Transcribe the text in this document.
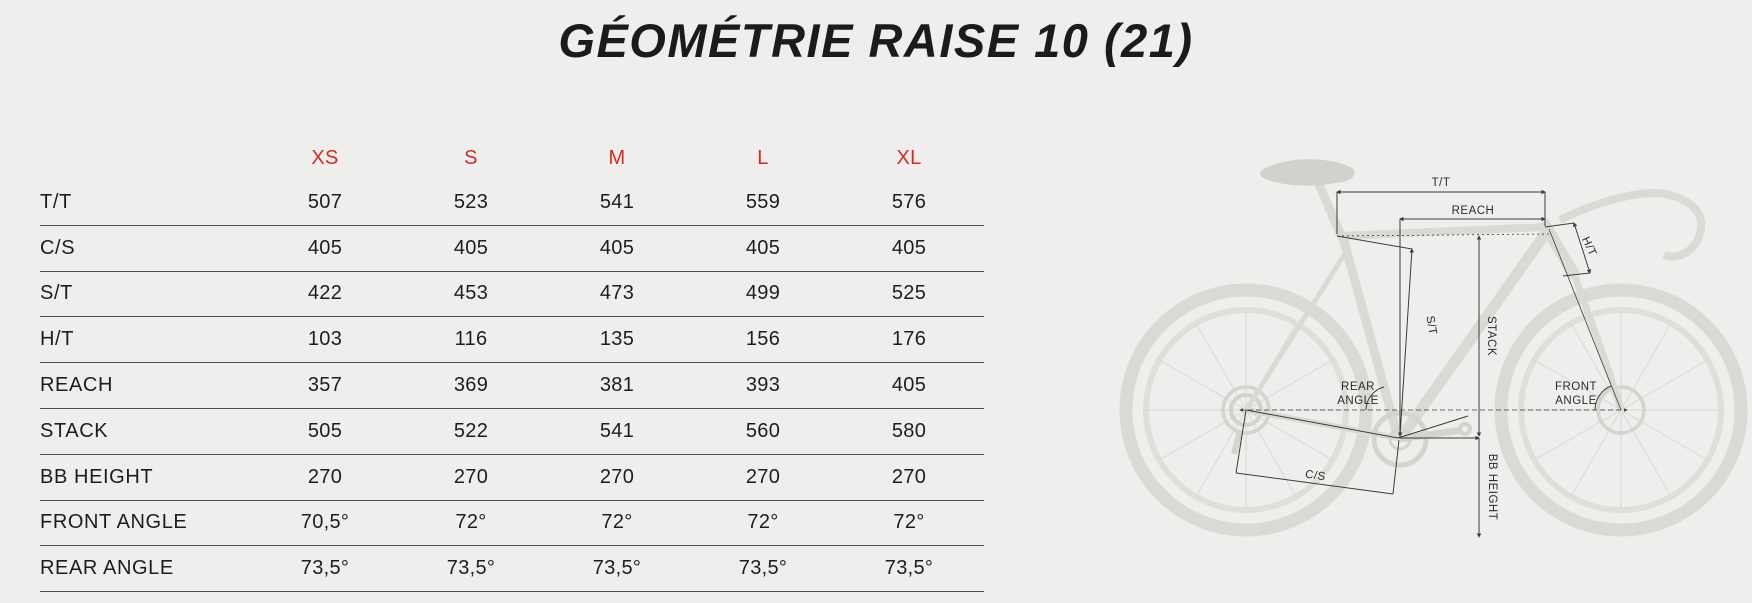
GÉOMÉTRIE RAISE 10 (21)
XS	S	M	L	XL
T/T	507	523	541	559	576
C/S	405	405	405	405	405
S/T	422	453	473	499	525
H/T	103	116	135	156	176
REACH	357	369	381	393	405
STACK	505	522	541	560	580
BB HEIGHT	270	270	270	270	270
FRONT ANGLE	70,5°	72°	72°	72°	72°
REAR ANGLE	73,5°	73,5°	73,5°	73,5°	73,5°
T/T
REACH
H/T
S/T	STACK
REAR
ANGLE
FRONT
ANGLE
C/S	BB HEIGHT
